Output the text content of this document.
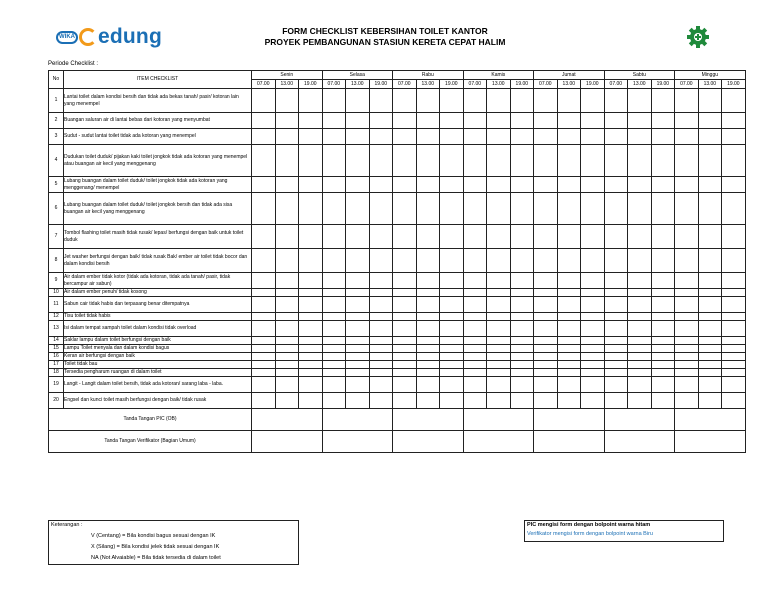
WIKA edung	FORM CHECKLIST KEBERSIHAN TOILET KANTOR
PROYEK PEMBANGUNAN STASIUN KERETA CEPAT HALIM
Periode Checklist :
No	ITEM CHECKLIST	Senin			Selasa			Rabu			Kamis			Jumat			Sabtu			Minggu		
		07.00	13.00	19.00	07.00	13.00	19.00	07.00	13.00	19.00	07.00	13.00	19.00	07.00	13.00	19.00	07.00	13.00	19.00	07.00	13.00	19.00
1	Lantai toilet dalam kondisi bersih dan tidak ada bekas tanah/ pasir/ kotoran lain yang menempel																					
2	Buangan saluran air di lantai bebas dari kotoran yang menyumbat																					
3	Sudut - sudut lantai toilet tidak ada kotoran yang menempel																					
4	Dudukan toilet duduk/ pijakan kaki toilet jongkok tidak ada kotoran yang menempel atau buangan air kecil yang menggenang																					
5	Lubang buangan dalam toilet duduk/ toilet jongkok tidak ada kotoran yang menggenang/ menempel																					
6	Lubang buangan dalam toilet duduk/ toilet jongkok bersih dan tidak ada sisa buangan air kecil yang menggenang																					
7	Tombol flashing toilet masih tidak rusak/ lepas/ berfungsi dengan baik untuk toilet duduk																					
8	Jet washer berfungsi dengan baik/ tidak rusak Bak/ ember air toilet tidak bocor dan dalam kondisi bersih																					
9	Air dalam ember tidak kotor (tidak ada kotoran, tidak ada tanah/ pasir, tidak bercampur air sabun)																					
10	Air dalam ember penuh/ tidak kosong																					
11	Sabun cair tidak habis dan terpasang benar ditempatnya																					
12	Tisu toilet tidak habis																					
13	Isi dalam tempat sampah toilet dalam kondisi tidak overload																					
14	Saklar lampu dalam toilet berfungsi dengan baik																					
15	Lampu Toilet menyala dan dalam kondisi bagus																					
16	Keran air berfungsi dengan baik																					
17	Toilet tidak bau																					
18	Tersedia pengharum ruangan di dalam toilet																					
19	Langit - Langit dalam toilet bersih, tidak ada kotoran/ sarang laba - laba.																					
20	Engsel dan kunci toilet masih berfungsi dengan baik/ tidak rusak																					
Tanda Tangan PIC (OB)																						
Tanda Tangan Verifikator (Bagian Umum)																						
Keterangan :
V (Centang) = Bila kondisi bagus sesuai dengan IK
X (Silang) = Bila kondisi jelek tidak sesuai dengan IK
NA (Not Alvaiable) = Bila tidak tersedia di dalam toilet
PIC mengisi form dengan bolpoint warna hitam
Verifikator mengisi form dengan bolpoint warna Biru
